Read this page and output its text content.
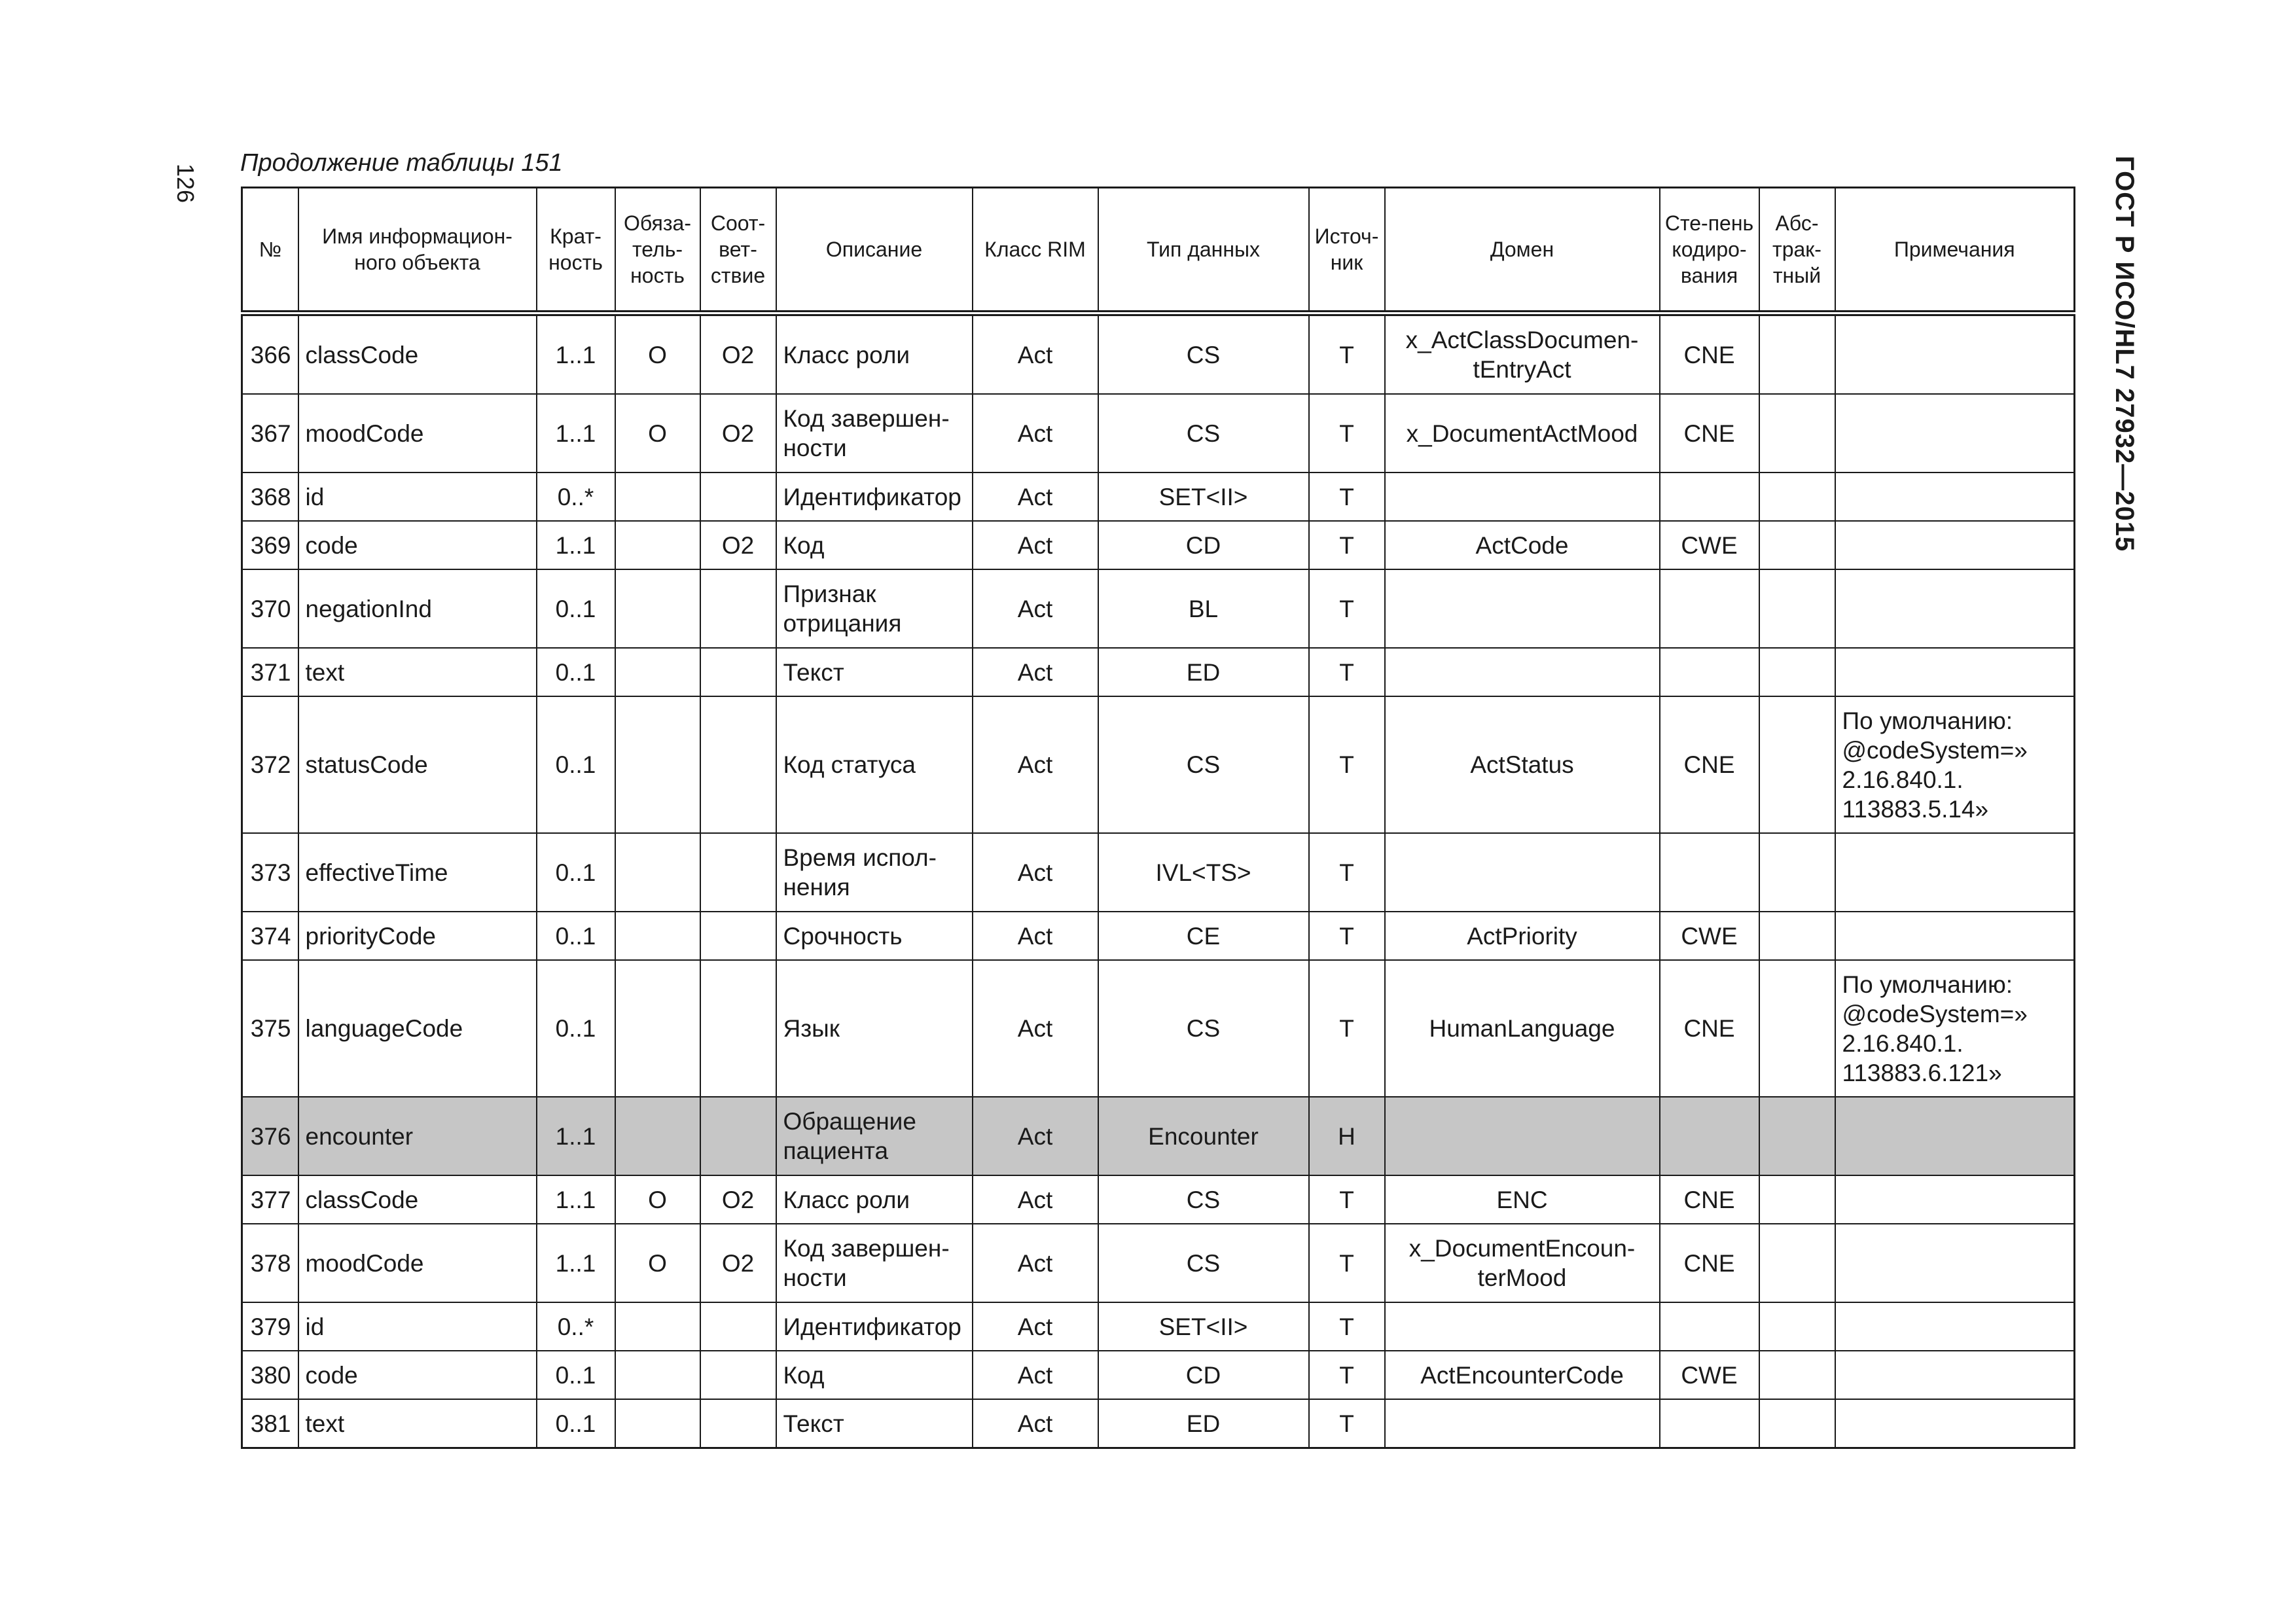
126	ГОСТ Р ИСО/HL7 27932—2015
Продолжение таблицы 151
№	Имя информацион-ного объекта	Крат-ность	Обяза-тель-ность	Соот-вет-ствие	Описание	Класс RIM	Тип данных	Источ-ник	Домен	Сте-пень кодиро-вания	Абс-трак-тный	Примечания
366	classCode	1..1	O	O2	Класс роли	Act	CS	T	x_ActClassDocumen-tEntryAct	CNE		
367	moodCode	1..1	O	O2	Код завершен-ности	Act	CS	T	x_DocumentActMood	CNE		
368	id	0..*			Идентификатор	Act	SET<II>	T				
369	code	1..1		O2	Код	Act	CD	T	ActCode	CWE		
370	negationInd	0..1			Признак отрицания	Act	BL	T				
371	text	0..1			Текст	Act	ED	T				
372	statusCode	0..1			Код статуса	Act	CS	T	ActStatus	CNE		По умолчанию: @codeSystem=» 2.16.840.1. 113883.5.14»
373	effectiveTime	0..1			Время испол-нения	Act	IVL<TS>	T				
374	priorityCode	0..1			Срочность	Act	CE	T	ActPriority	CWE		
375	languageCode	0..1			Язык	Act	CS	T	HumanLanguage	CNE		По умолчанию: @codeSystem=» 2.16.840.1. 113883.6.121»
376	encounter	1..1			Обращение пациента	Act	Encounter	H				
377	classCode	1..1	O	O2	Класс роли	Act	CS	T	ENC	CNE		
378	moodCode	1..1	O	O2	Код завершен-ности	Act	CS	T	x_DocumentEncoun-terMood	CNE		
379	id	0..*			Идентификатор	Act	SET<II>	T				
380	code	0..1			Код	Act	CD	T	ActEncounterCode	CWE		
381	text	0..1			Текст	Act	ED	T				
